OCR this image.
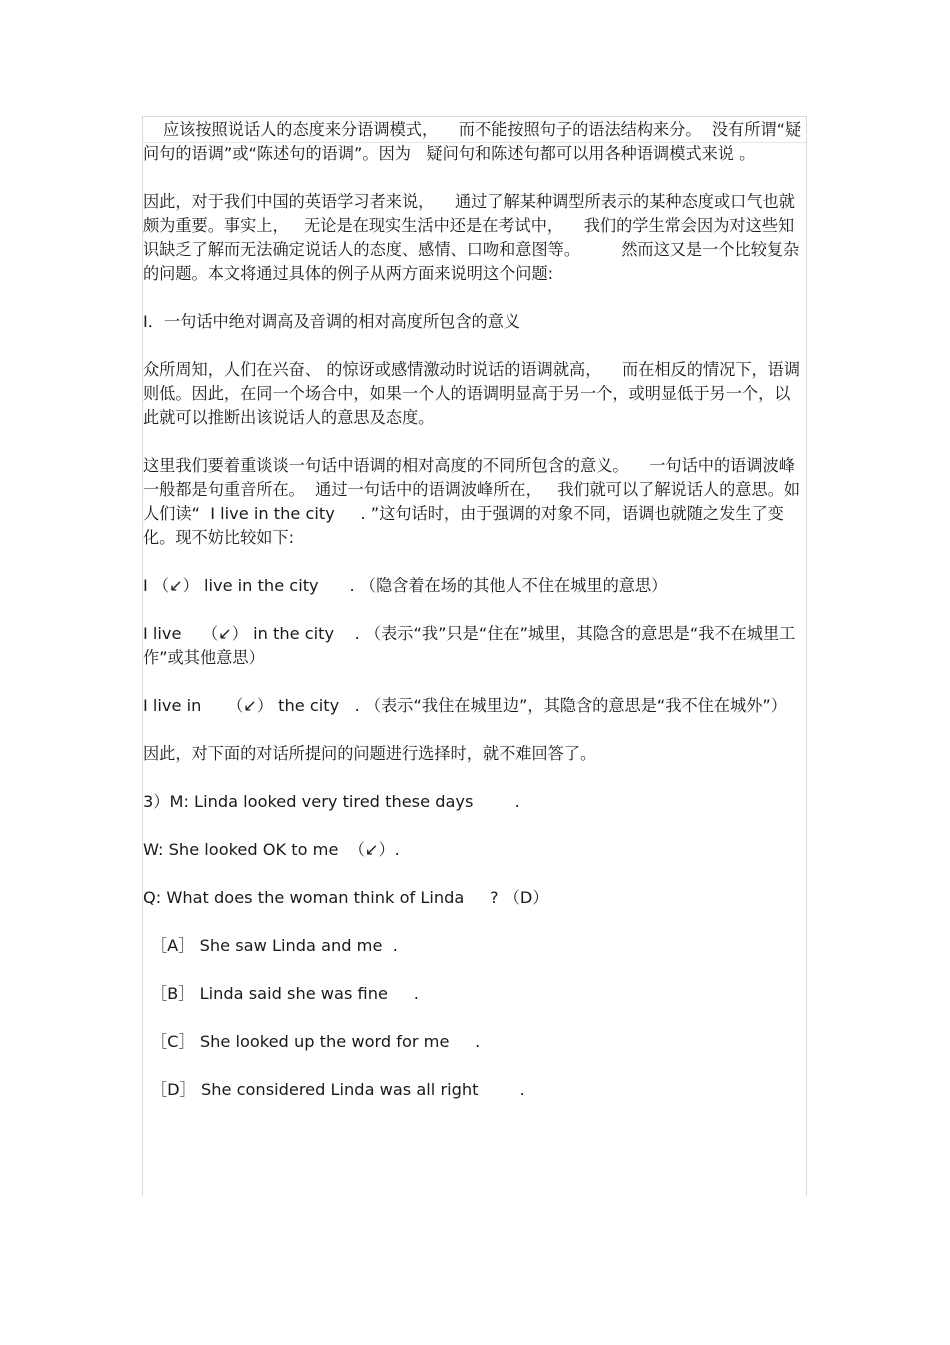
应该按照说话人的态度来分语调模式，    而不能按照句子的语法结构来分。  没有所谓“疑问句的语调”或“陈述句的语调”。因为   疑问句和陈述句都可以用各种语调模式来说 。

因此，对于我们中国的英语学习者来说，    通过了解某种调型所表示的某种态度或口气也就颇为重要。事实上，   无论是在现实生活中还是在考试中，    我们的学生常会因为对这些知识缺乏了解而无法确定说话人的态度、感情、口吻和意图等。        然而这又是一个比较复杂的问题。本文将通过具体的例子从两方面来说明这个问题:

Ⅰ．一句话中绝对调高及音调的相对高度所包含的意义

众所周知，人们在兴奋、 的惊讶或感情激动时说话的语调就高，    而在相反的情况下，语调则低。因此，在同一个场合中，如果一个人的语调明显高于另一个，或明显低于另一个，以此就可以推断出该说话人的意思及态度。

这里我们要着重谈谈一句话中语调的相对高度的不同所包含的意义。    一句话中的语调波峰一般都是句重音所在。  通过一句话中的语调波峰所在，   我们就可以了解说话人的意思。如人们读“  I live in the city     . ”这句话时，由于强调的对象不同，语调也就随之发生了变化。现不妨比较如下:

I （↙） live in the city      . （隐含着在场的其他人不住在城里的意思）

I live    （↙） in the city    . （表示“我”只是“住在”城里，其隐含的意思是“我不在城里工作”或其他意思）

I live in     （↙） the city   . （表示“我住在城里边”，其隐含的意思是“我不住在城外”）

因此，对下面的对话所提问的问题进行选择时，就不难回答了。

3）M: Linda looked very tired these days        .

W: She looked OK to me  （↙）.

Q: What does the woman think of Linda     ? （D）

［A］ She saw Linda and me  .

［B］ Linda said she was fine     .

［C］ She looked up the word for me     .

［D］ She considered Linda was all right        .
